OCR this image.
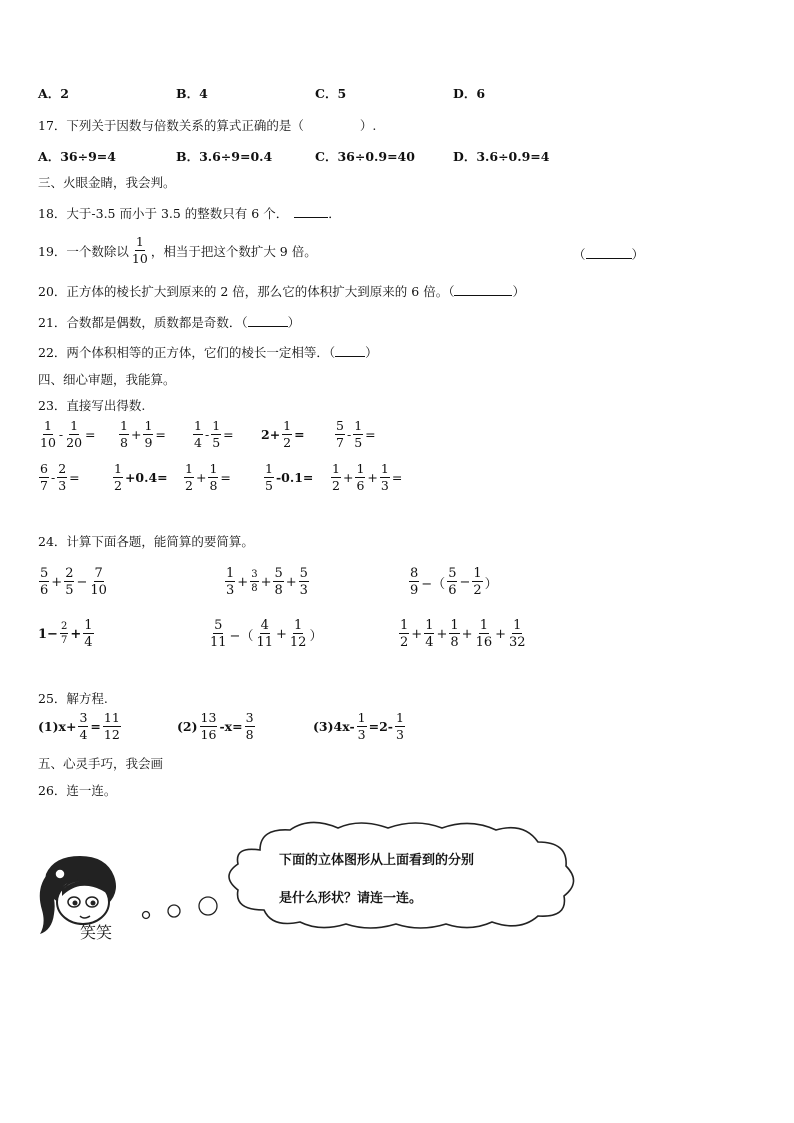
A．2	B．4	C．5	D．6
17．下列关于因数与倍数关系的算式正确的是（	）.
A．36÷9=4	B．3.6÷9=0.4	C．36÷0.9=40	D．3.6÷0.9=4
三、火眼金睛，我会判。
18．大于-3.5 而小于 3.5 的整数只有 6 个．	．
19．一个数除以 $\frac{1}{10}$ ，相当于把这个数扩大 9 倍。	（	）
20．正方体的棱长扩大到原来的 2 倍，那么它的体积扩大到原来的 6 倍。（	）
21．合数都是偶数，质数都是奇数．（	）
22．两个体积相等的正方体，它们的棱长一定相等．（ ）
四、细心审题，我能算。
23．直接写出得数.
$\frac{1}{10} - \frac{1}{20} = \frac{1}{8} + \frac{1}{9} = \frac{1}{4} - \frac{1}{5} = 2+ \frac{1}{2} = \frac{5}{7} - \frac{1}{5}$ =
$\frac{6}{7} - \frac{2}{3}$ =	$\frac{1}{2} +0.4= \frac{1}{2} + \frac{1}{8}$ =	$\frac{1}{5} -0.1= \frac{1}{2} + \frac{1}{6} + \frac{1}{3}$ =
24．计算下面各题，能简算的要简算。
$\frac{5}{6} + \frac{2}{5} - \frac{7}{10}$	$\frac{1}{3} + \frac{3}{8} + \frac{5}{8} + \frac{5}{3}$	$\frac{8}{9}$ −（ $\frac{5}{6} - \frac{1}{2}$ ）
$1- \frac{2}{7} + \frac{1}{4}$	$\frac{5}{11}$ −（ $\frac{4}{11} + \frac{1}{12}$ ）	$\frac{1}{2} + \frac{1}{4} + \frac{1}{8} + \frac{1}{16} + \frac{1}{32}$
25．解方程.
$(1)x+ \frac{3}{4} = \frac{11}{12}$	$(2) \frac{13}{16} -x= \frac{3}{8}$	$(3)4x- \frac{1}{3} =2- \frac{1}{3}$
五、心灵手巧，我会画
26．连一连。
笑笑
下面的立体图形从上面看到的分别
是什么形状？请连一连。
